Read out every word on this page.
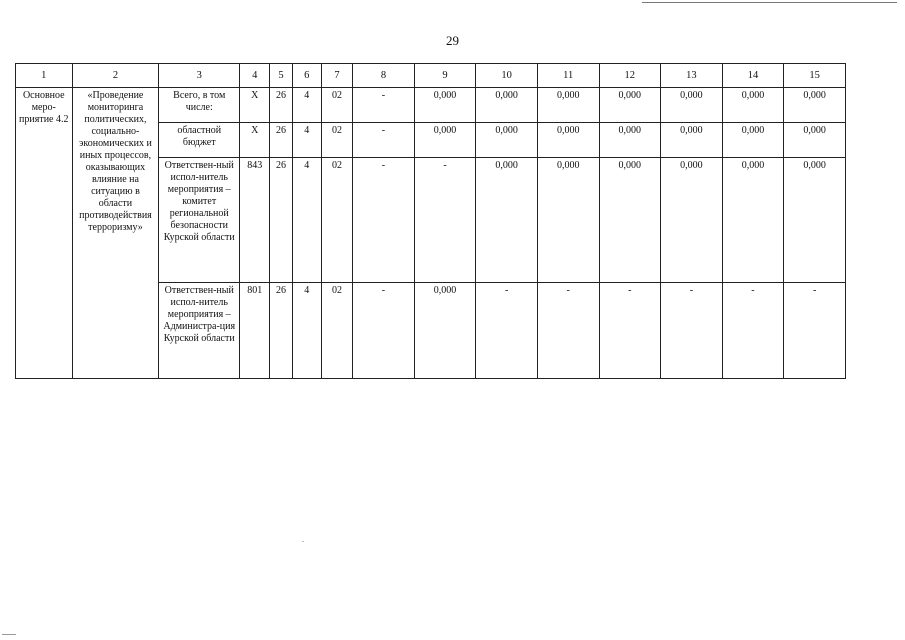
29
1	2	3	4	5	6	7	8	9	10	11	12	13	14	15
Основное меро-приятие 4.2	«Проведение мониторинга политических, социально-экономических и иных процессов, оказывающих влияние на ситуацию в области противодействия терроризму»	Всего, в том числе:	X	26	4	02	-	0,000	0,000	0,000	0,000	0,000	0,000	0,000
		областной бюджет	X	26	4	02	-	0,000	0,000	0,000	0,000	0,000	0,000	0,000
		Ответствен-ный испол-нитель мероприятия – комитет региональной безопасности Курской области	843	26	4	02	-	-	0,000	0,000	0,000	0,000	0,000	0,000
		Ответствен-ный испол-нитель мероприятия – Администра-ция Курской области	801	26	4	02	-	0,000	-	-	-	-	-	-
